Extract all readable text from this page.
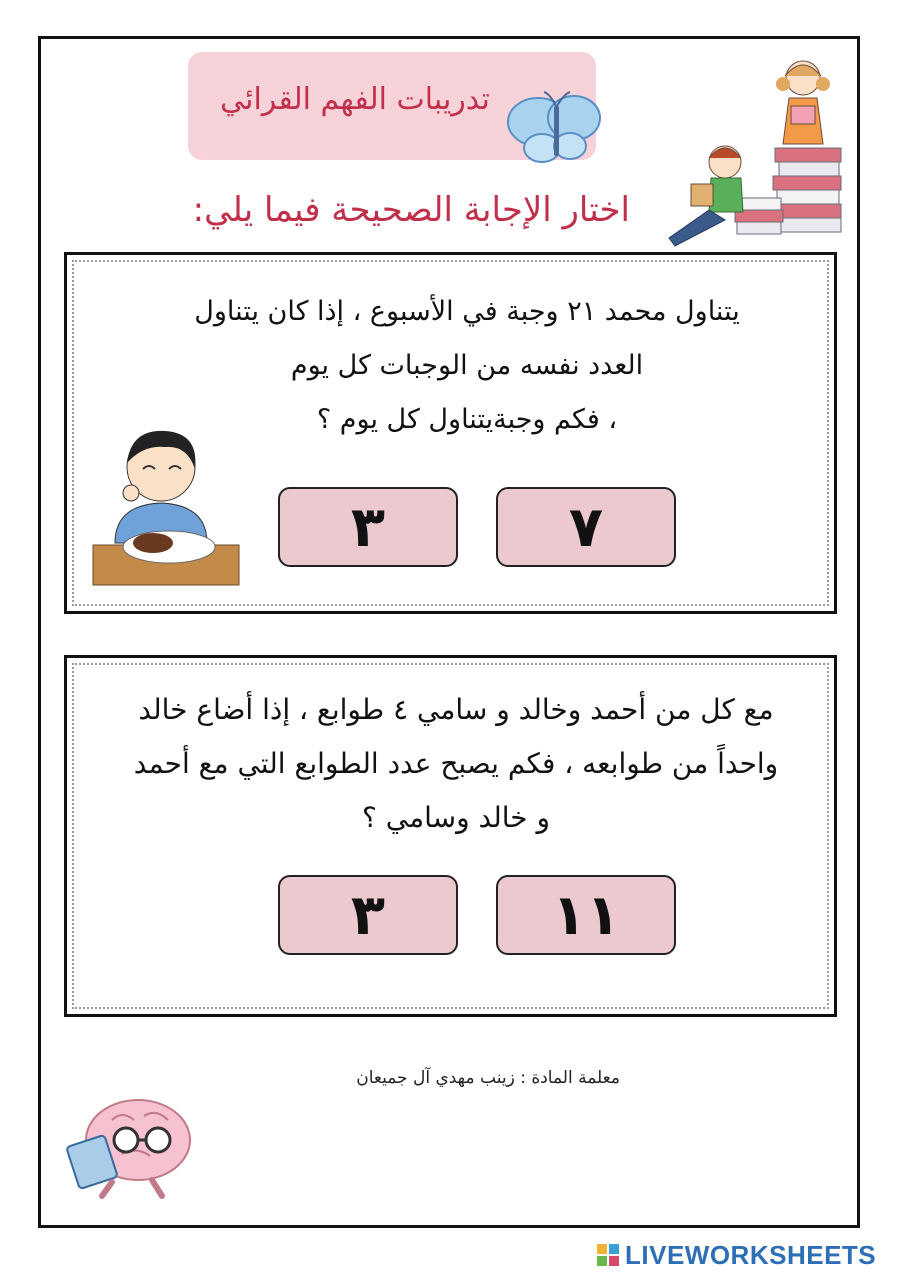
تدريبات الفهم القرائي
اختار الإجابة الصحيحة فيما يلي:
يتناول محمد ٢١ وجبة في الأسبوع ، إذا كان يتناول
العدد نفسه من الوجبات كل يوم
، فكم وجبةيتناول كل يوم ؟
٧
٣
مع كل من أحمد وخالد و سامي ٤ طوابع ، إذا أضاع خالد
واحداً من طوابعه ، فكم يصبح عدد الطوابع التي مع أحمد
و خالد وسامي ؟
١١
٣
معلمة المادة : زينب مهدي آل جميعان
LIVEWORKSHEETS
